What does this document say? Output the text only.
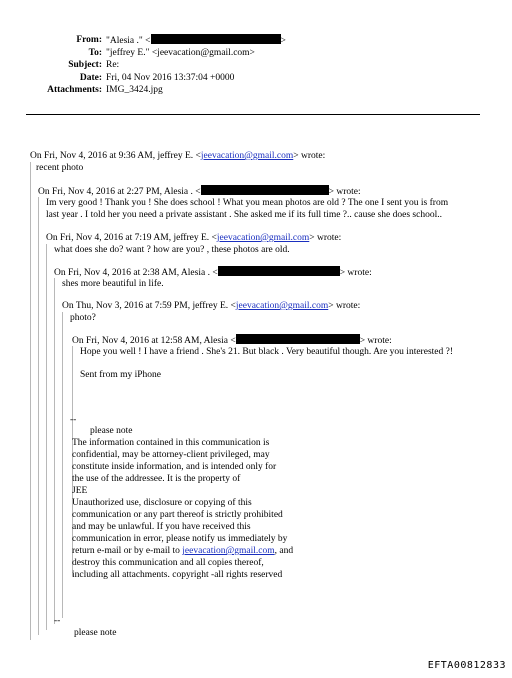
From: "Alesia ." <	>
To: "jeffrey E." <jeevacation@gmail.com>
Subject: Re:
Date: Fri, 04 Nov 2016 13:37:04 +0000
Attachments: IMG_3424.jpg
On Fri, Nov 4, 2016 at 9:36 AM, jeffrey E. <jeevacation@gmail.com> wrote:
recent photo
On Fri, Nov 4, 2016 at 2:27 PM, Alesia . <	> wrote:
Im very good ! Thank you ! She does school ! What you mean photos are old ? The one I sent you is from
last year . I told her you need a private assistant . She asked me if its full time ?.. cause she does school..
On Fri, Nov 4, 2016 at 7:19 AM, jeffrey E. <jeevacation@gmail.com> wrote:
what does she do? want ? how are you? , these photos are old.
On Fri, Nov 4, 2016 at 2:38 AM, Alesia . <	> wrote:
shes more beautiful in life.
On Thu, Nov 3, 2016 at 7:59 PM, jeffrey E. <jeevacation@gmail.com> wrote:
photo?
On Fri, Nov 4, 2016 at 12:58 AM, Alesia <	> wrote:
Hope you well ! I have a friend . She's 21. But black . Very beautiful though. Are you interested ?!
Sent from my iPhone
--
please note
The information contained in this communication is
confidential, may be attorney-client privileged, may
constitute inside information, and is intended only for
the use of the addressee. It is the property of
JEE
Unauthorized use, disclosure or copying of this
communication or any part thereof is strictly prohibited
and may be unlawful. If you have received this
communication in error, please notify us immediately by
return e-mail or by e-mail to jeevacation@gmail.com, and
destroy this communication and all copies thereof,
including all attachments. copyright -all rights reserved
--
please note
EFTA00812833
